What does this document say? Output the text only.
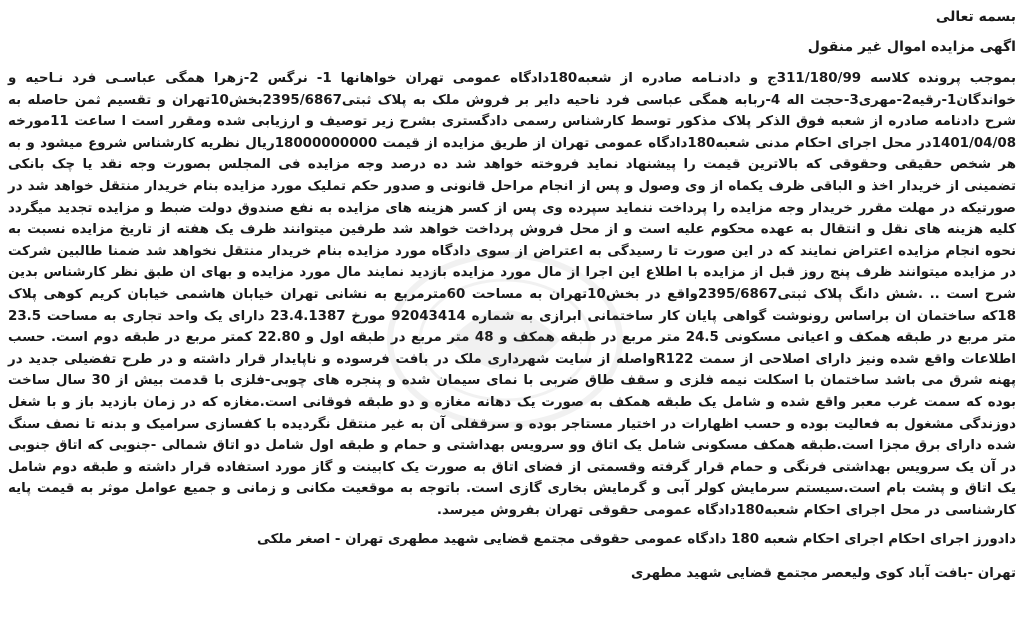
بسمه تعالی

اگهی مزایده اموال غیر منقول

بموجب پرونده کلاسه 311/180/99ج و دادنـامه صادره از شعبه180دادگاه عمومی تهران خواهانها 1- نرگس 2-زهرا همگی عباسـی فرد نـاحیه و خواندگان1-رقیه2-مهری3-حجت اله 4-ربابه همگی عباسی فرد ناحیه دایر بر فروش ملک به پلاک ثبتی2395/6867بخش10تهران و تقسیم ثمن حاصله به شرح دادنامه صادره از شعبه فوق الذکر پلاک مذکور توسط کارشناس رسمی دادگستری بشرح زیر توصیف و ارزیابی شده ومقرر است ا ساعت 11مورخه 1401/04/08در محل اجرای احکام مدنی شعبه180دادگاه عمومی تهران از طریق مزایده از قیمت 18000000000ریال نظریه کارشناس شروع میشود و به هر شخص حقیقی وحقوقی که بالاترین قیمت را پیشنهاد نماید فروخته خواهد شد ده درصد وجه مزایده فی المجلس بصورت وجه نقد یا چک بانکی تضمینی از خریدار اخذ و الباقی ظرف یکماه از وی وصول و پس از انجام مراحل قانونی و صدور حکم تملیک مورد مزایده بنام خریدار منتقل خواهد شد در صورتیکه در مهلت مقرر خریدار وجه مزایده را پرداخت ننماید سپرده وی پس از کسر هزینه های مزایده به نفع صندوق دولت ضبط و مزایده تجدید میگردد کلیه هزینه های نقل و انتقال به عهده محکوم علیه است و از محل فروش پرداخت خواهد شد طرفین میتوانند ظرف یک هفته از تاریخ مزایده نسبت به نحوه انجام مزایده اعتراض نمایند که در این صورت تا رسیدگی به اعتراض از سوی دادگاه مورد مزایده بنام خریدار منتقل نخواهد شد ضمنا طالبین شرکت در مزایده میتوانند ظرف پنج روز قبل از مزایده با اطلاع این اجرا از مال مورد مزایده بازدید نمایند مال مورد مزایده و بهای ان طبق نظر کارشناس بدین شرح است .. .شش دانگ پلاک ثبتی2395/6867واقع در بخش10تهران به مساحت 60مترمربع به نشانی تهران خیابان هاشمی خیابان کریم کوهی پلاک 18که ساختمان ان براساس رونوشت گواهی پایان کار ساختمانی ابرازی به شماره 92043414 مورخ 23.4.1387 دارای یک واحد تجاری به مساحت 23.5 متر مربع در طبقه همکف و اعیانی مسکونی 24.5 متر مربع در طبقه همکف و 48 متر مربع در طبقه اول و 22.80 کمتر مربع در طبقه دوم است. حسب اطلاعات واقع شده ونیز دارای اصلاحی از سمت R122واصله از سایت شهرداری ملک در بافت فرسوده و ناپایدار قرار داشته و در طرح تفضیلی جدید در پهنه شرق می باشد ساختمان با اسکلت نیمه فلزی و سقف طاق ضربی با نمای سیمان شده و پنجره های چوبی-فلزی با قدمت بیش از 30 سال ساخت بوده که سمت غرب معبر واقع شده و شامل یک طبقه همکف به صورت یک دهانه مغازه و دو طبقه فوقانی است.مغازه که در زمان بازدید باز و با شغل دوزندگی مشغول به فعالیت بوده و حسب اظهارات در اختیار مستاجر بوده و سرقفلی آن به غیر منتقل نگردیده با کفسازی سرامیک و بدنه تا نصف سنگ شده دارای برق مجزا است.طبقه همکف مسکونی شامل یک اتاق وو سرویس بهداشتی و حمام و طبقه اول شامل دو اتاق شمالی -جنوبی که اتاق جنوبی در آن یک سرویس بهداشتی فرنگی و حمام قرار گرفته وقسمتی از فضای اتاق به صورت یک کابینت و گاز مورد استفاده قرار داشته و طبقه دوم شامل یک اتاق و پشت بام است.سیستم سرمایش کولر آبی و گرمایش بخاری گازی است. باتوجه به موقعیت مکانی و زمانی و جمیع عوامل موثر به قیمت پایه کارشناسی در محل اجرای احکام شعبه180دادگاه عمومی حقوقی تهران بفروش میرسد.

دادورز اجرای احکام اجرای احکام شعبه 180 دادگاه عمومی حقوقی مجتمع قضایی شهید مطهری تهران - اصغر ملکی

تهران -بافت آباد کوی ولیعصر مجتمع قضایی شهید مطهری
